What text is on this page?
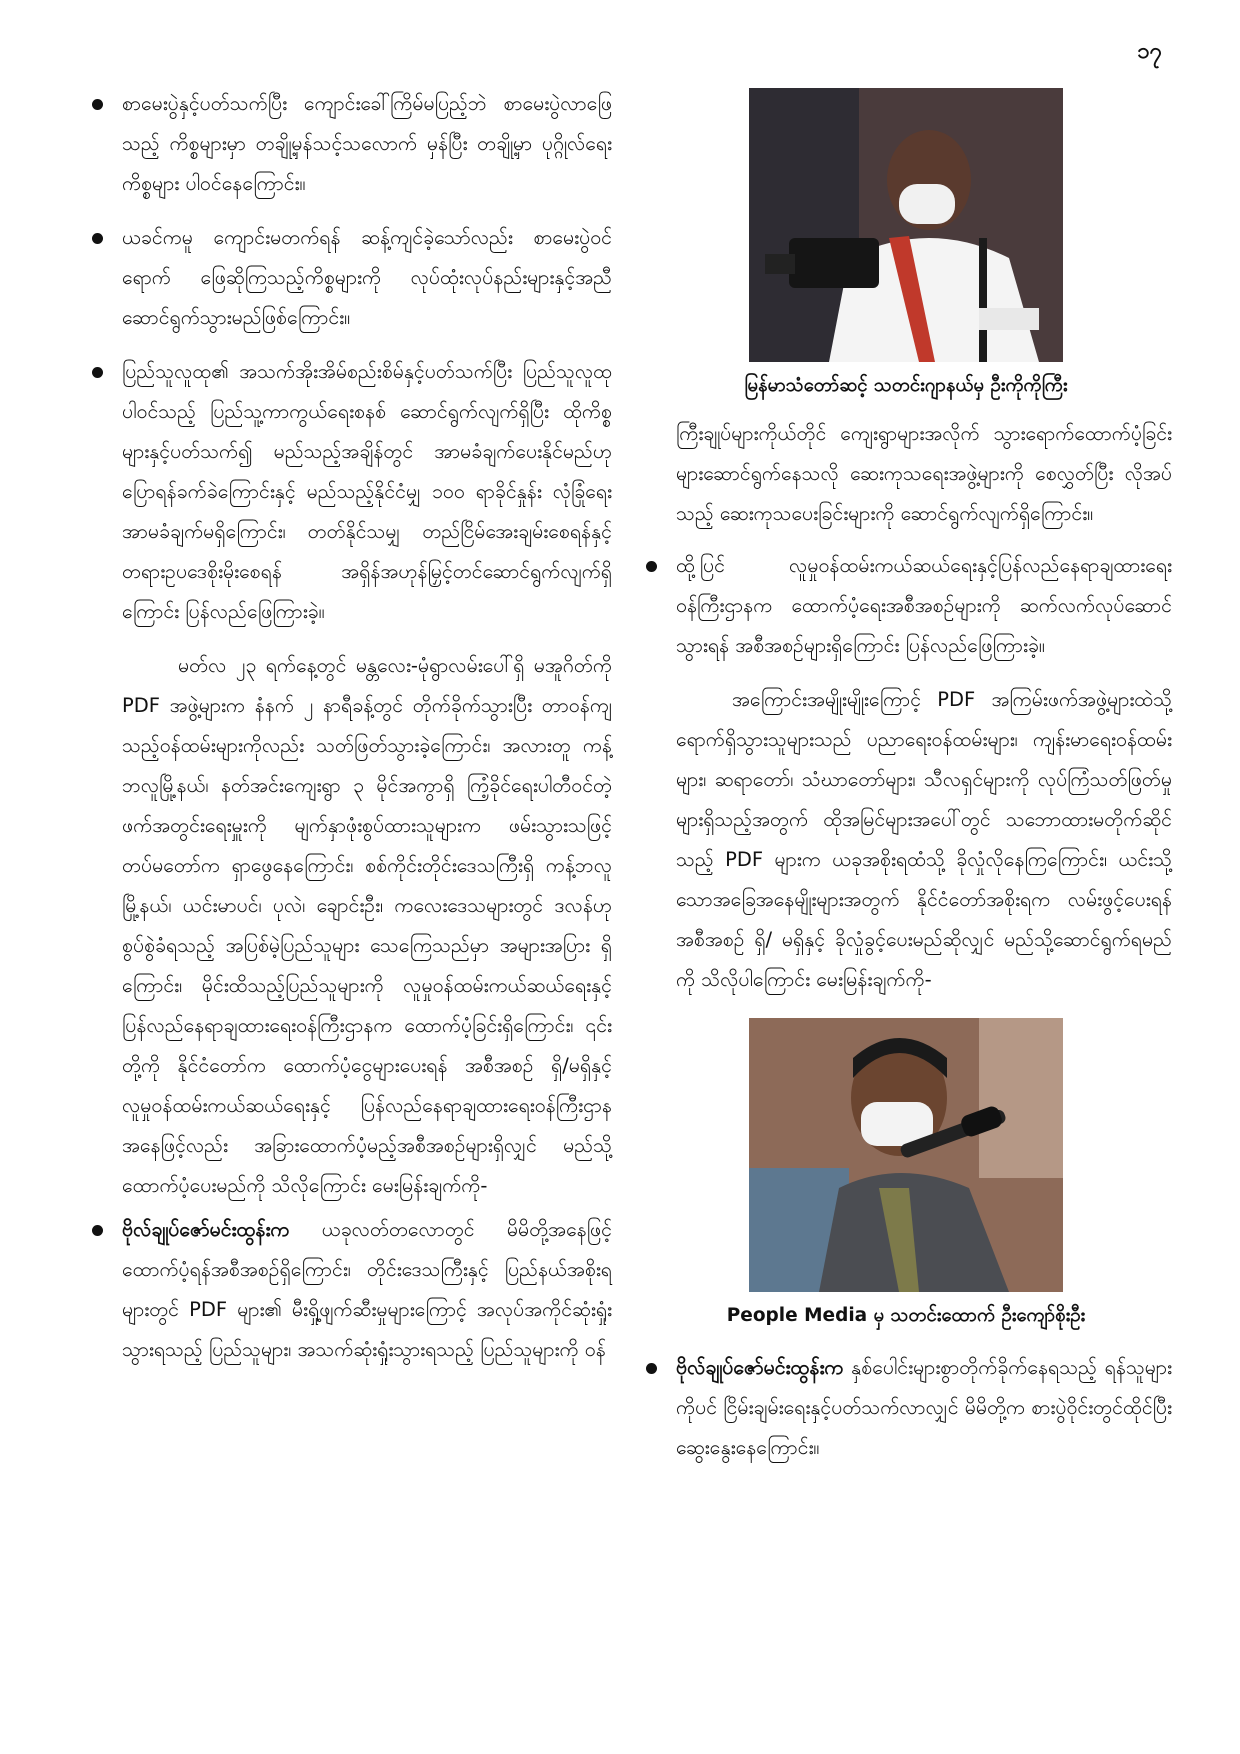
၁၇
စာမေးပွဲနှင့်ပတ်သက်ပြီး ကျောင်းခေါ်ကြိမ်မပြည့်ဘဲ စာမေးပွဲလာဖြေသည့် ကိစ္စများမှာ တချို့မှန်သင့်သလောက် မှန်ပြီး တချို့မှာ ပုဂ္ဂိုလ်ရေးကိစ္စများ ပါဝင်နေကြောင်း။
ယခင်ကမူ ကျောင်းမတက်ရန် ဆန့်ကျင်ခဲ့သော်လည်း စာမေးပွဲဝင်ရောက် ဖြေဆိုကြသည့်ကိစ္စများကို လုပ်ထုံးလုပ်နည်းများနှင့်အညီ ဆောင်ရွက်သွားမည်ဖြစ်ကြောင်း။
ပြည်သူလူထု၏ အသက်အိုးအိမ်စည်းစိမ်နှင့်ပတ်သက်ပြီး ပြည်သူလူထုပါဝင်သည့် ပြည်သူ့ကာကွယ်ရေးစနစ် ဆောင်ရွက်လျက်ရှိပြီး ထိုကိစ္စများနှင့်ပတ်သက်၍ မည်သည့်အချိန်တွင် အာမခံချက်ပေးနိုင်မည်ဟု ပြောရန်ခက်ခဲကြောင်းနှင့် မည်သည့်နိုင်ငံမျှ ၁၀၀ ရာခိုင်နှုန်း လုံခြုံရေးအာမခံချက်မရှိကြောင်း၊ တတ်နိုင်သမျှ တည်ငြိမ်အေးချမ်းစေရန်နှင့် တရားဥပဒေစိုးမိုးစေရန် အရှိန်အဟုန်မြှင့်တင်ဆောင်ရွက်လျက်ရှိကြောင်း ပြန်လည်ဖြေကြားခဲ့။

မတ်လ ၂၃ ရက်နေ့တွင် မန္တလေး-မုံရွာလမ်းပေါ်ရှိ မအူဂိတ်ကို PDF အဖွဲ့များက နံနက် ၂ နာရီခန့်တွင် တိုက်ခိုက်သွားပြီး တာဝန်ကျသည့်ဝန်ထမ်းများကိုလည်း သတ်ဖြတ်သွားခဲ့ကြောင်း၊ အလားတူ ကန့်ဘလူမြို့နယ်၊ နတ်အင်းကျေးရွာ ၃ မိုင်အကွာရှိ ကြံ့ခိုင်ရေးပါတီဝင်တဲ့ဖက်အတွင်းရေးမှူးကို မျက်နှာဖုံးစွပ်ထားသူများက ဖမ်းသွားသဖြင့် တပ်မတော်က ရှာဖွေနေကြောင်း၊ စစ်ကိုင်းတိုင်းဒေသကြီးရှိ ကန့်ဘလူမြို့နယ်၊ ယင်းမာပင်၊ ပုလဲ၊ ချောင်းဦး၊ ကလေးဒေသများတွင် ဒလန်ဟုစွပ်စွဲခံရသည့် အပြစ်မဲ့ပြည်သူများ သေကြေသည်မှာ အများအပြား ရှိကြောင်း၊ မိုင်းထိသည့်ပြည်သူများကို လူမှုဝန်ထမ်းကယ်ဆယ်ရေးနှင့် ပြန်လည်နေရာချထားရေးဝန်ကြီးဌာနက ထောက်ပံ့ခြင်းရှိကြောင်း၊ ၎င်းတို့ကို နိုင်ငံတော်က ထောက်ပံ့ငွေများပေးရန် အစီအစဉ် ရှိ/မရှိနှင့် လူမှုဝန်ထမ်းကယ်ဆယ်ရေးနှင့် ပြန်လည်နေရာချထားရေးဝန်ကြီးဌာနအနေဖြင့်လည်း အခြားထောက်ပံ့မည့်အစီအစဉ်များရှိလျှင် မည်သို့ထောက်ပံ့ပေးမည်ကို သိလိုကြောင်း မေးမြန်းချက်ကို-

ဗိုလ်ချုပ်ဇော်မင်းထွန်းက ယခုလတ်တလောတွင် မိမိတို့အနေဖြင့် ထောက်ပံ့ရန်အစီအစဉ်ရှိကြောင်း၊ တိုင်းဒေသကြီးနှင့် ပြည်နယ်အစိုးရများတွင် PDF များ၏ မီးရှို့ဖျက်ဆီးမှုများကြောင့် အလုပ်အကိုင်ဆုံးရှုံးသွားရသည့် ပြည်သူများ၊ အသက်ဆုံးရှုံးသွားရသည့် ပြည်သူများကို ဝန်
မြန်မာသံတော်ဆင့် သတင်းဂျာနယ်မှ ဦးကိုကိုကြီး

ကြီးချုပ်များကိုယ်တိုင် ကျေးရွာများအလိုက် သွားရောက်ထောက်ပံ့ခြင်းများဆောင်ရွက်နေသလို ဆေးကုသရေးအဖွဲ့များကို စေလွှတ်ပြီး လိုအပ်သည့် ဆေးကုသပေးခြင်းများကို ဆောင်ရွက်လျက်ရှိကြောင်း။

ထို့ပြင် လူမှုဝန်ထမ်းကယ်ဆယ်ရေးနှင့်ပြန်လည်နေရာချထားရေးဝန်ကြီးဌာနက ထောက်ပံ့ရေးအစီအစဉ်များကို ဆက်လက်လုပ်ဆောင်သွားရန် အစီအစဉ်များရှိကြောင်း ပြန်လည်ဖြေကြားခဲ့။

အကြောင်းအမျိုးမျိုးကြောင့် PDF အကြမ်းဖက်အဖွဲ့များထဲသို့ ရောက်ရှိသွားသူများသည် ပညာရေးဝန်ထမ်းများ၊ ကျန်းမာရေးဝန်ထမ်းများ၊ ဆရာတော်၊ သံဃာတော်များ၊ သီလရှင်များကို လုပ်ကြံသတ်ဖြတ်မှုများရှိသည့်အတွက် ထိုအမြင်များအပေါ်တွင် သဘောထားမတိုက်ဆိုင်သည့် PDF များက ယခုအစိုးရထံသို့ ခိုလှုံလိုနေကြကြောင်း၊ ယင်းသို့သောအခြေအနေမျိုးများအတွက် နိုင်ငံတော်အစိုးရက လမ်းဖွင့်ပေးရန်အစီအစဉ် ရှိ/ မရှိနှင့် ခိုလှုံခွင့်ပေးမည်ဆိုလျှင် မည်သို့ဆောင်ရွက်ရမည်ကို သိလိုပါကြောင်း မေးမြန်းချက်ကို-

People Media မှ သတင်းထောက် ဦးကျော်စိုးဦး
ဗိုလ်ချုပ်ဇော်မင်းထွန်းက နှစ်ပေါင်းများစွာတိုက်ခိုက်နေရသည့် ရန်သူများကိုပင် ငြိမ်းချမ်းရေးနှင့်ပတ်သက်လာလျှင် မိမိတို့က စားပွဲဝိုင်းတွင်ထိုင်ပြီး ဆွေးနွေးနေကြောင်း။
